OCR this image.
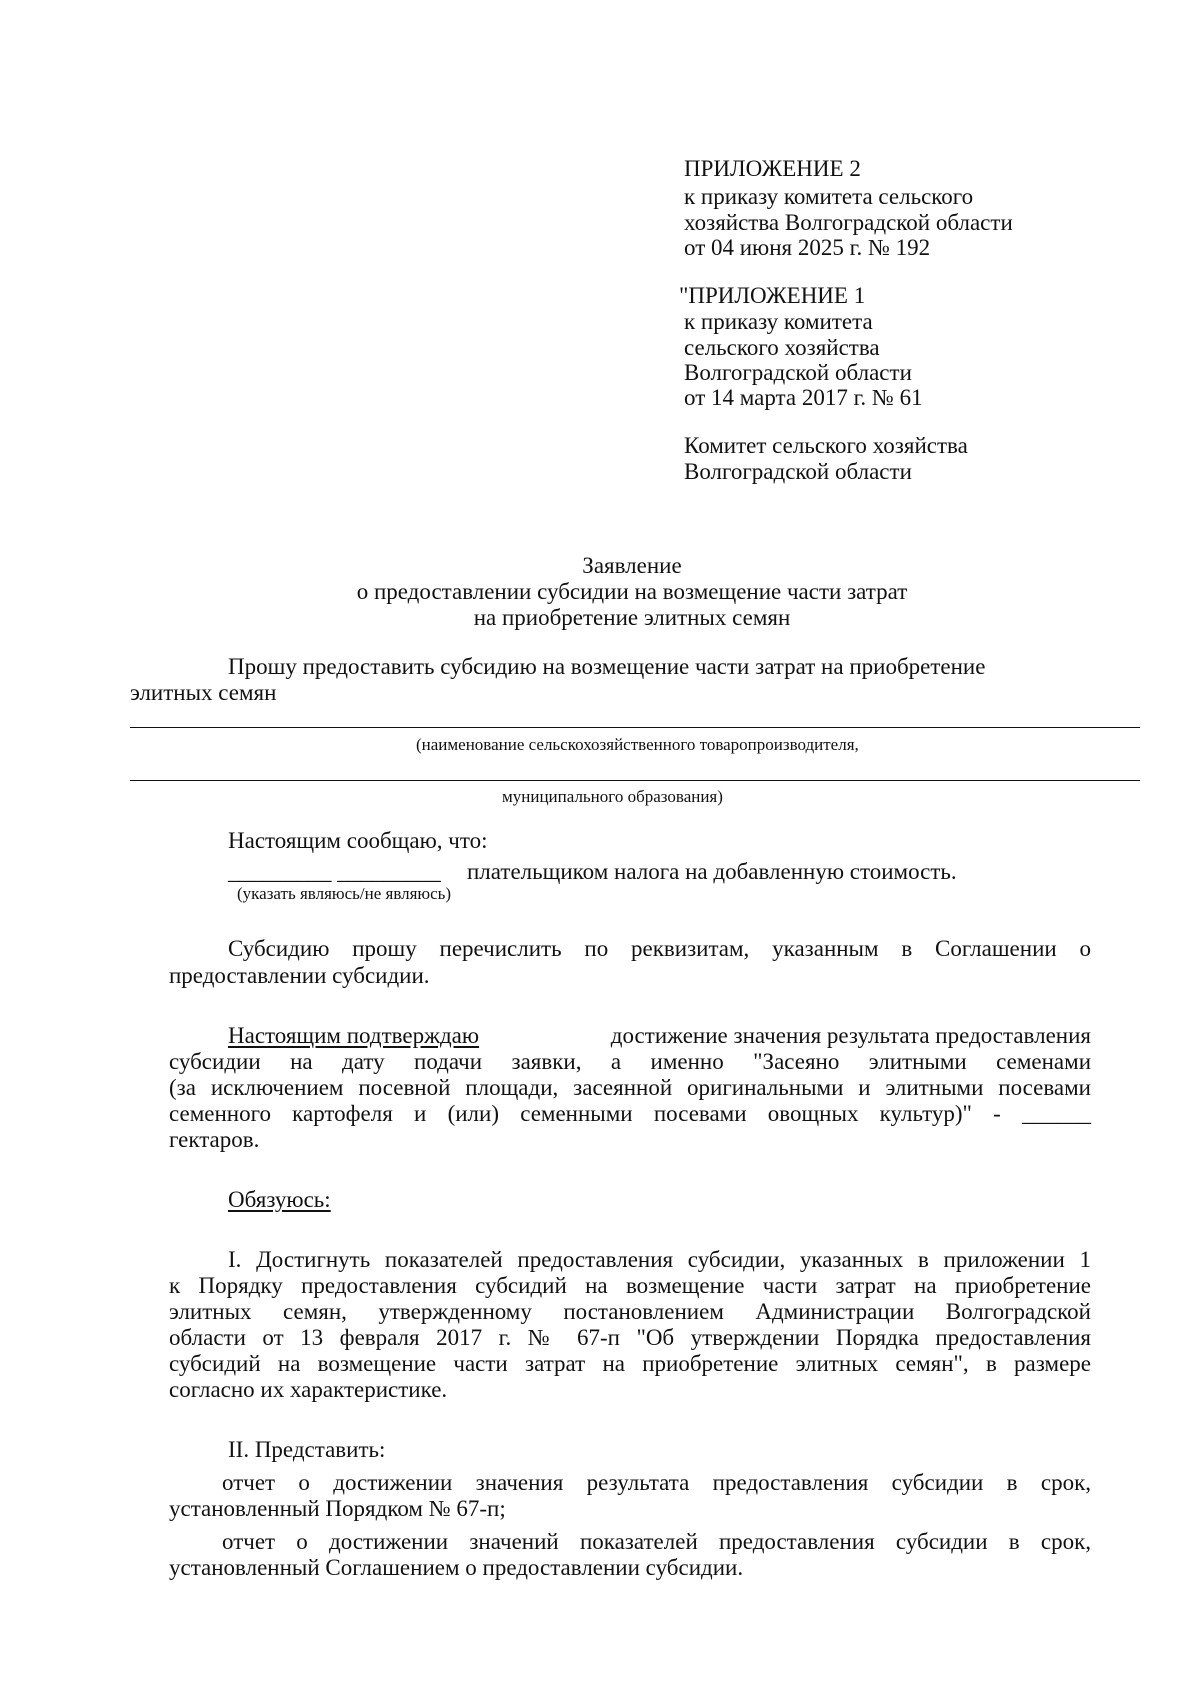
ПРИЛОЖЕНИЕ 2
к приказу комитета сельского
хозяйства Волгоградской области
от 04 июня 2025 г. № 192
"ПРИЛОЖЕНИЕ 1
к приказу комитета
сельского хозяйства
Волгоградской области
от 14 марта 2017 г. № 61
Комитет сельского хозяйства
Волгоградской области
Заявление
о предоставлении субсидии на возмещение части затрат
на приобретение элитных семян
Прошу предоставить субсидию на возмещение части затрат на приобретение
элитных семян
(наименование сельскохозяйственного товаропроизводителя,
муниципального образования)
Настоящим сообщаю, что:
_________ _________ плательщиком налога на добавленную стоимость.
(указать являюсь/не являюсь)
Субсидию прошу перечислить по реквизитам, указанным в Соглашении о
предоставлении субсидии.
Настоящим подтверждаю	достижение значения результата предоставления
субсидии на дату подачи заявки, а именно "Засеяно элитными семенами
(за исключением посевной площади, засеянной оригинальными и элитными посевами
семенного картофеля и (или) семенными посевами овощных культур)" - ______
гектаров.
Обязуюсь:
I. Достигнуть показателей предоставления субсидии, указанных в приложении 1
к Порядку предоставления субсидий на возмещение части затрат на приобретение
элитных семян, утвержденному постановлением Администрации Волгоградской
области от 13 февраля 2017 г. № 67-п "Об утверждении Порядка предоставления
субсидий на возмещение части затрат на приобретение элитных семян", в размере
согласно их характеристике.
II. Представить:
отчет о достижении значения результата предоставления субсидии в срок,
установленный Порядком № 67-п;
отчет о достижении значений показателей предоставления субсидии в срок,
установленный Соглашением о предоставлении субсидии.
